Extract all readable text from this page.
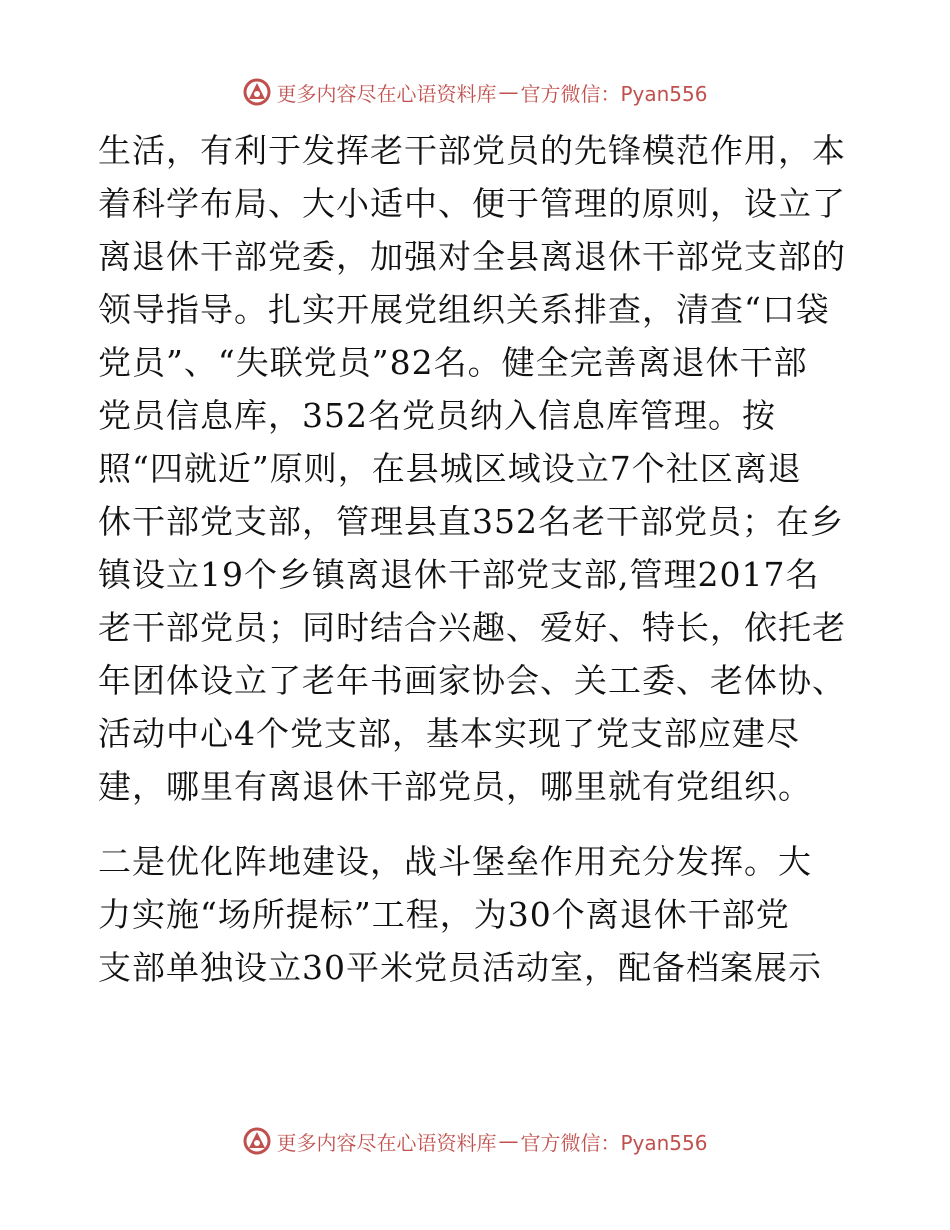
更多内容尽在心语资料库 — 官方微信：Pyan556
生活，有利于发挥老干部党员的先锋模范作用，本
着科学布局、大小适中、便于管理的原则，设立了
离退休干部党委，加强对全县离退休干部党支部的
领导指导。扎实开展党组织关系排查，清查“口袋
党员”、“失联党员”82名。健全完善离退休干部
党员信息库，352名党员纳入信息库管理。按
照“四就近”原则，在县城区域设立7个社区离退
休干部党支部，管理县直352名老干部党员；在乡
镇设立19个乡镇离退休干部党支部,管理2017名
老干部党员；同时结合兴趣、爱好、特长，依托老
年团体设立了老年书画家协会、关工委、老体协、
活动中心4个党支部，基本实现了党支部应建尽
建，哪里有离退休干部党员，哪里就有党组织。
二是优化阵地建设，战斗堡垒作用充分发挥。大
力实施“场所提标”工程，为30个离退休干部党
支部单独设立30平米党员活动室，配备档案展示
更多内容尽在心语资料库 — 官方微信：Pyan556
